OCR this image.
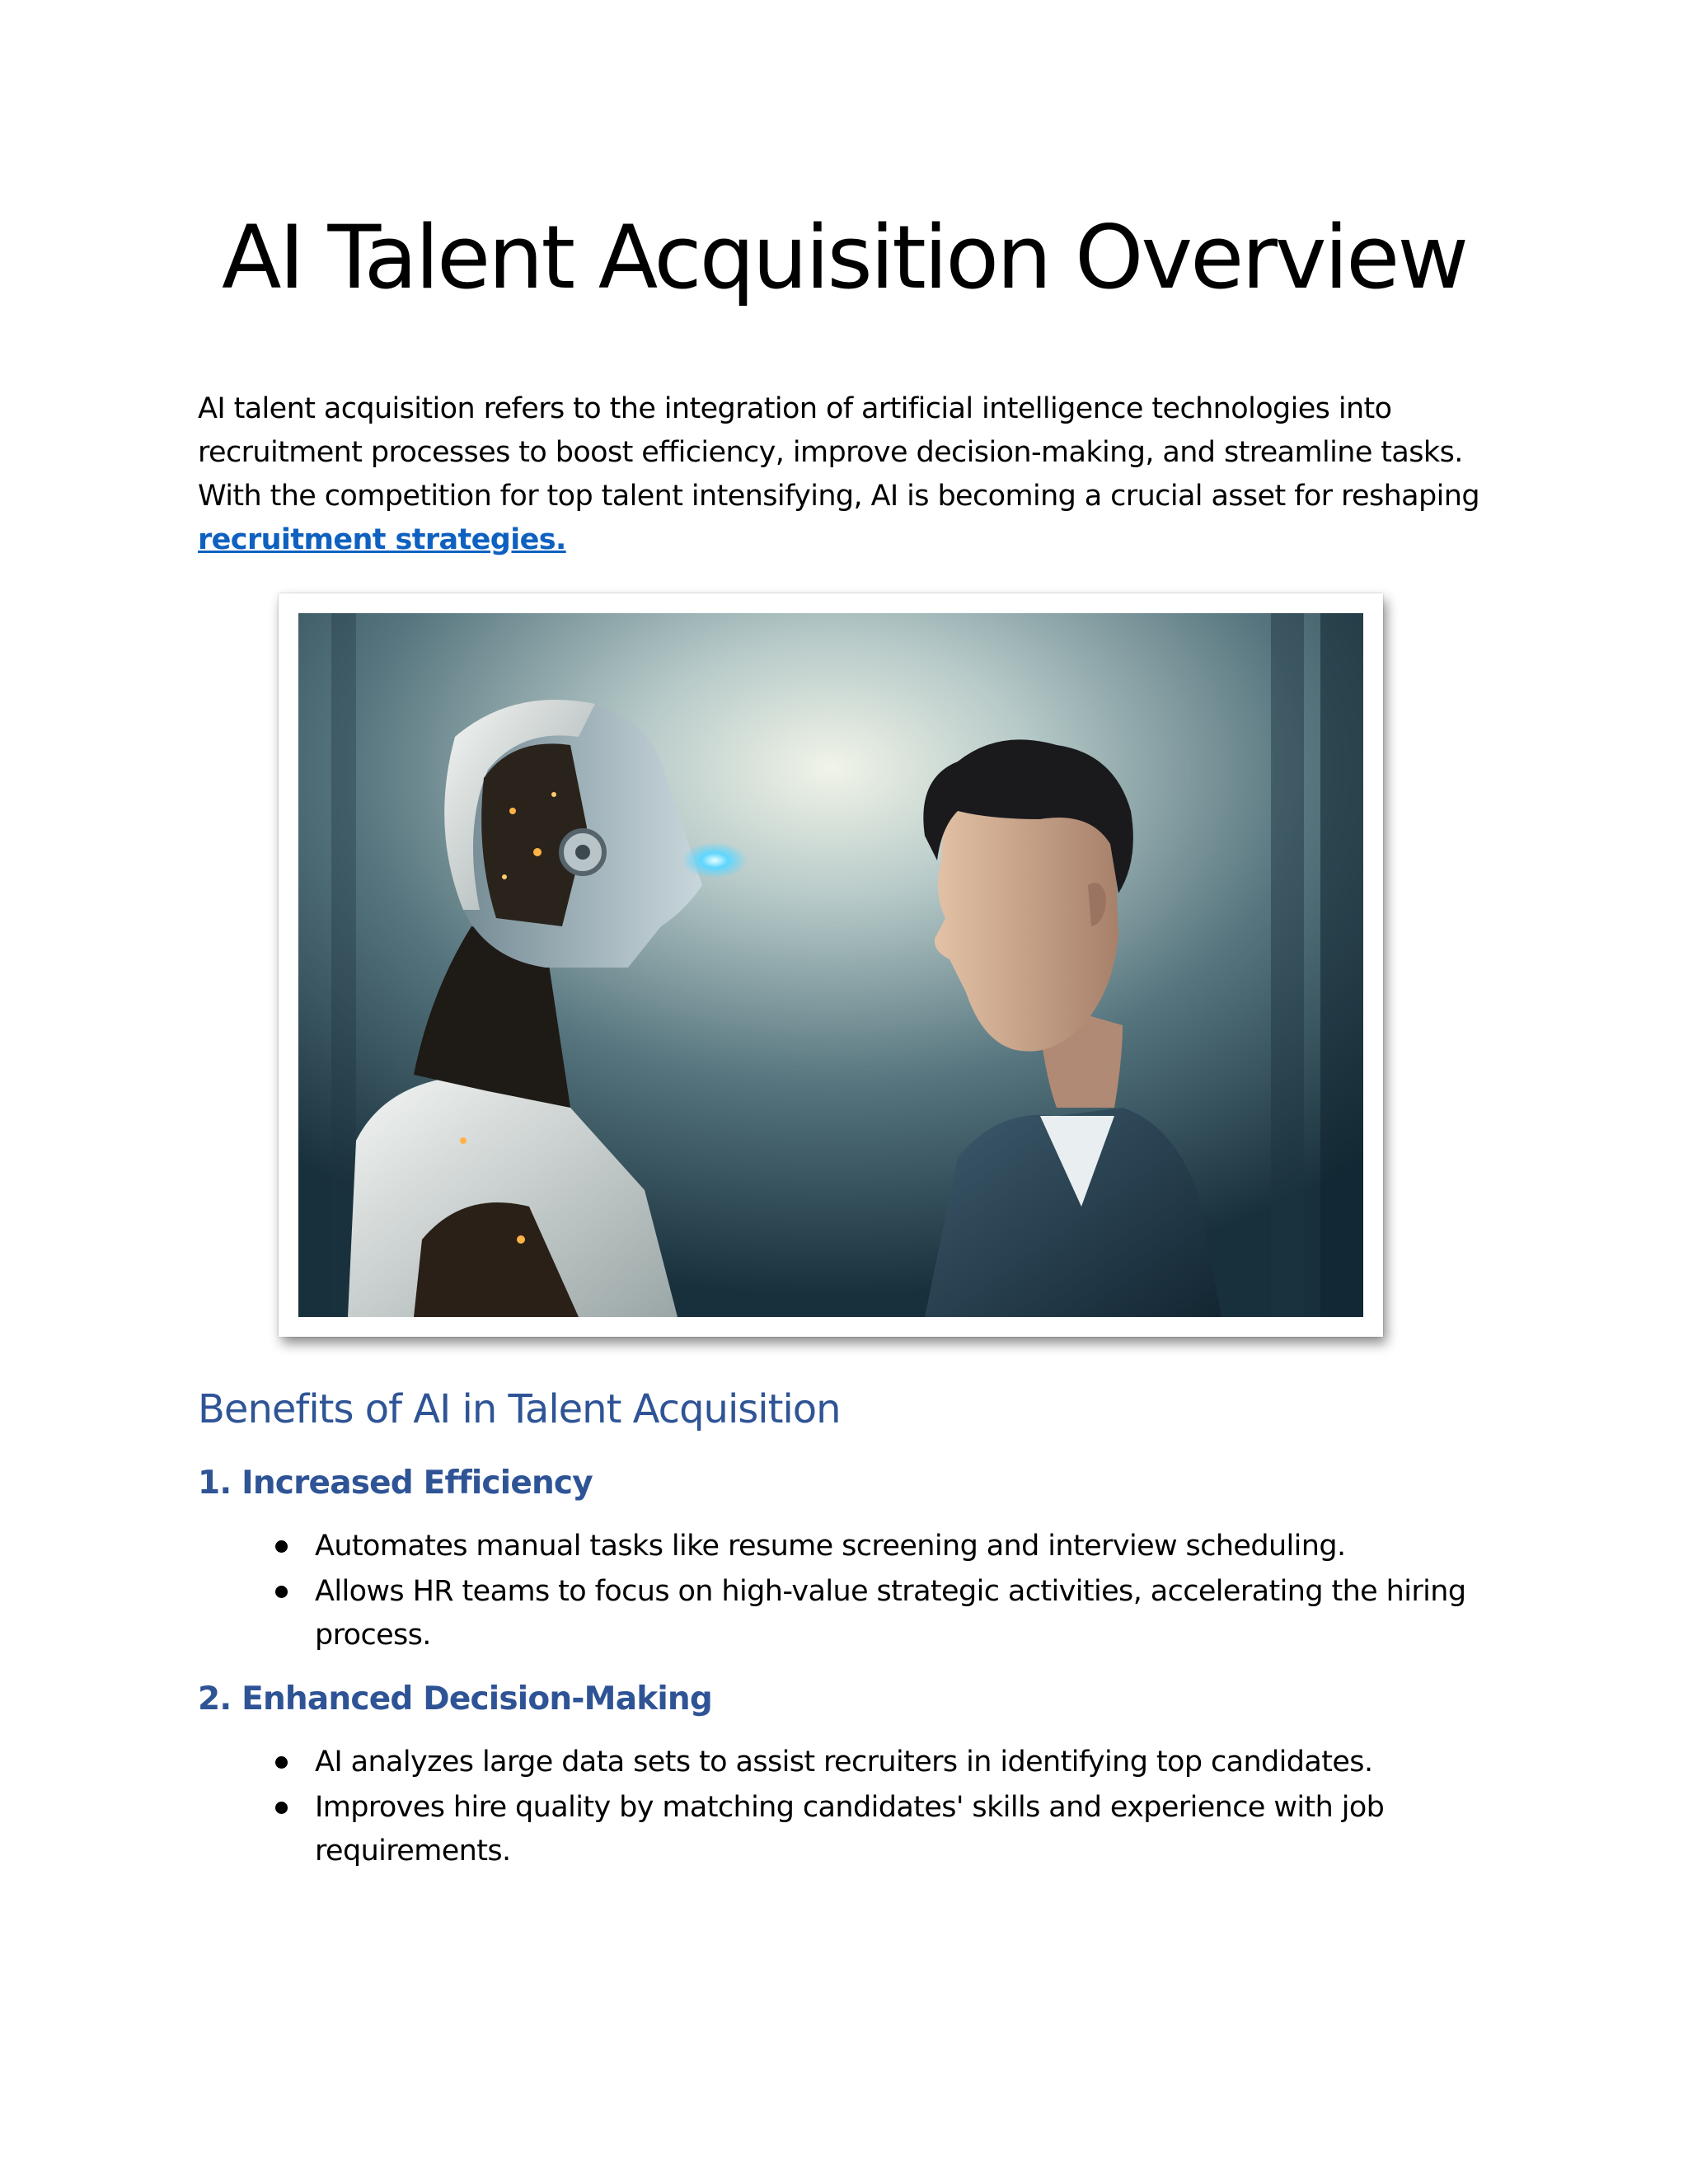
AI Talent Acquisition Overview

AI talent acquisition refers to the integration of artificial intelligence technologies into recruitment processes to boost efficiency, improve decision-making, and streamline tasks. With the competition for top talent intensifying, AI is becoming a crucial asset for reshaping recruitment strategies.

Benefits of AI in Talent Acquisition
1. Increased Efficiency
Automates manual tasks like resume screening and interview scheduling.
Allows HR teams to focus on high-value strategic activities, accelerating the hiring process.
2. Enhanced Decision-Making
AI analyzes large data sets to assist recruiters in identifying top candidates.
Improves hire quality by matching candidates' skills and experience with job requirements.
